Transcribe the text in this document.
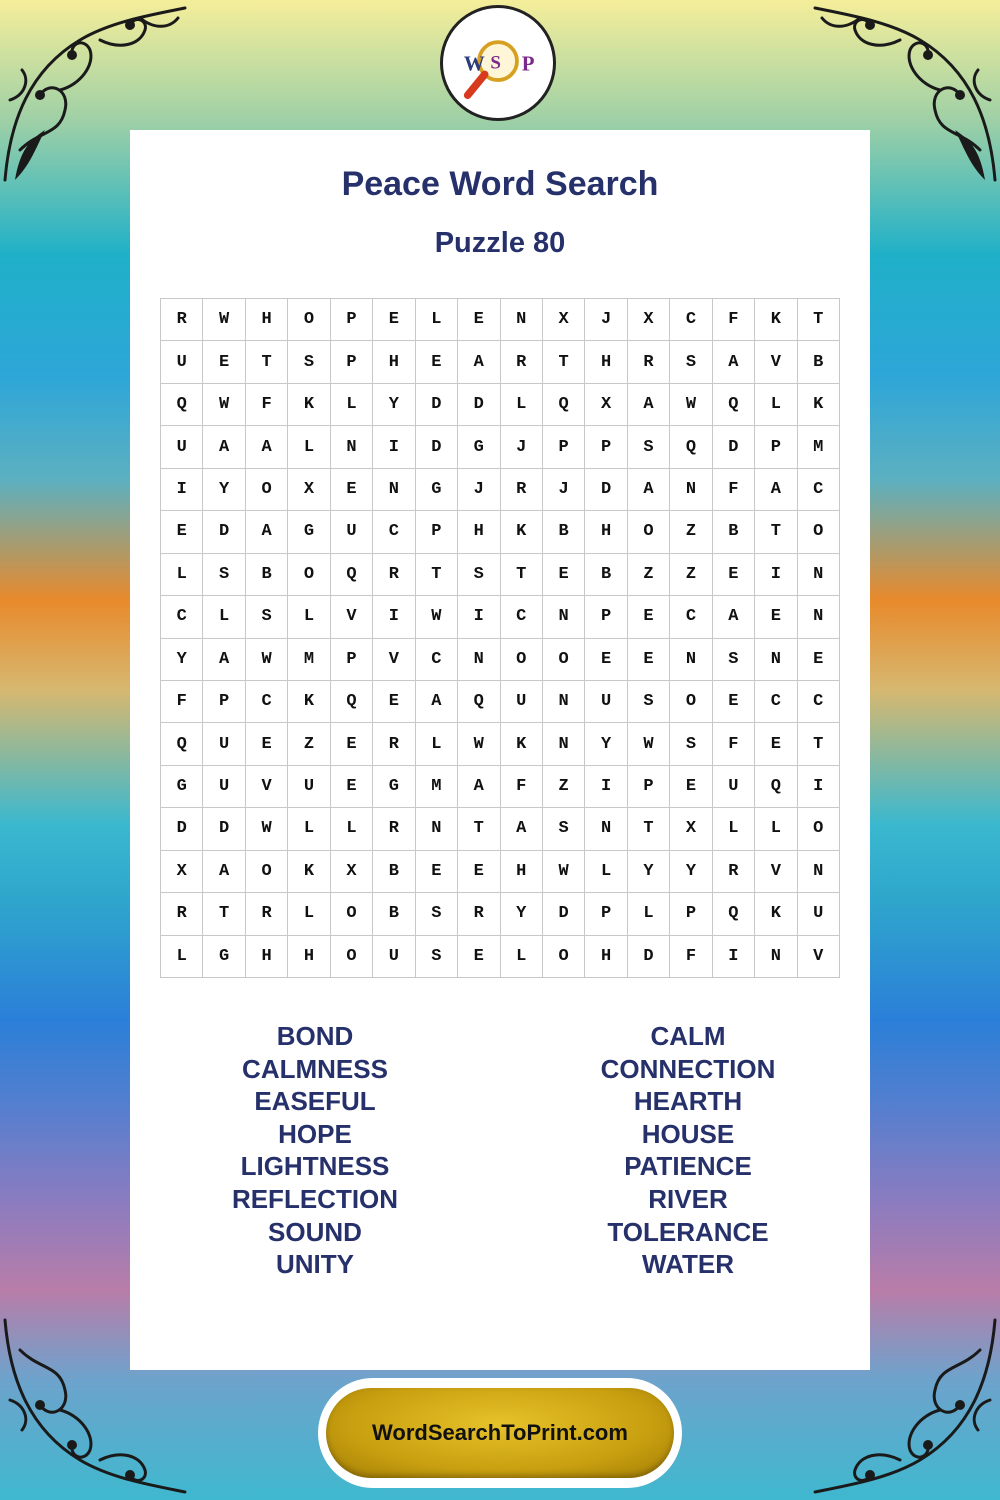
Peace Word Search
Puzzle 80
R	W	H	O	P	E	L	E	N	X	J	X	C	F	K	T
U	E	T	S	P	H	E	A	R	T	H	R	S	A	V	B
Q	W	F	K	L	Y	D	D	L	Q	X	A	W	Q	L	K
U	A	A	L	N	I	D	G	J	P	P	S	Q	D	P	M
I	Y	O	X	E	N	G	J	R	J	D	A	N	F	A	C
E	D	A	G	U	C	P	H	K	B	H	O	Z	B	T	O
L	S	B	O	Q	R	T	S	T	E	B	Z	Z	E	I	N
C	L	S	L	V	I	W	I	C	N	P	E	C	A	E	N
Y	A	W	M	P	V	C	N	O	O	E	E	N	S	N	E
F	P	C	K	Q	E	A	Q	U	N	U	S	O	E	C	C
Q	U	E	Z	E	R	L	W	K	N	Y	W	S	F	E	T
G	U	V	U	E	G	M	A	F	Z	I	P	E	U	Q	I
D	D	W	L	L	R	N	T	A	S	N	T	X	L	L	O
X	A	O	K	X	B	E	E	H	W	L	Y	Y	R	V	N
R	T	R	L	O	B	S	R	Y	D	P	L	P	Q	K	U
L	G	H	H	O	U	S	E	L	O	H	D	F	I	N	V
BOND
CALMNESS
EASEFUL
HOPE
LIGHTNESS
REFLECTION
SOUND
UNITY
CALM
CONNECTION
HEARTH
HOUSE
PATIENCE
RIVER
TOLERANCE
WATER
W S P
WordSearchToPrint.com
